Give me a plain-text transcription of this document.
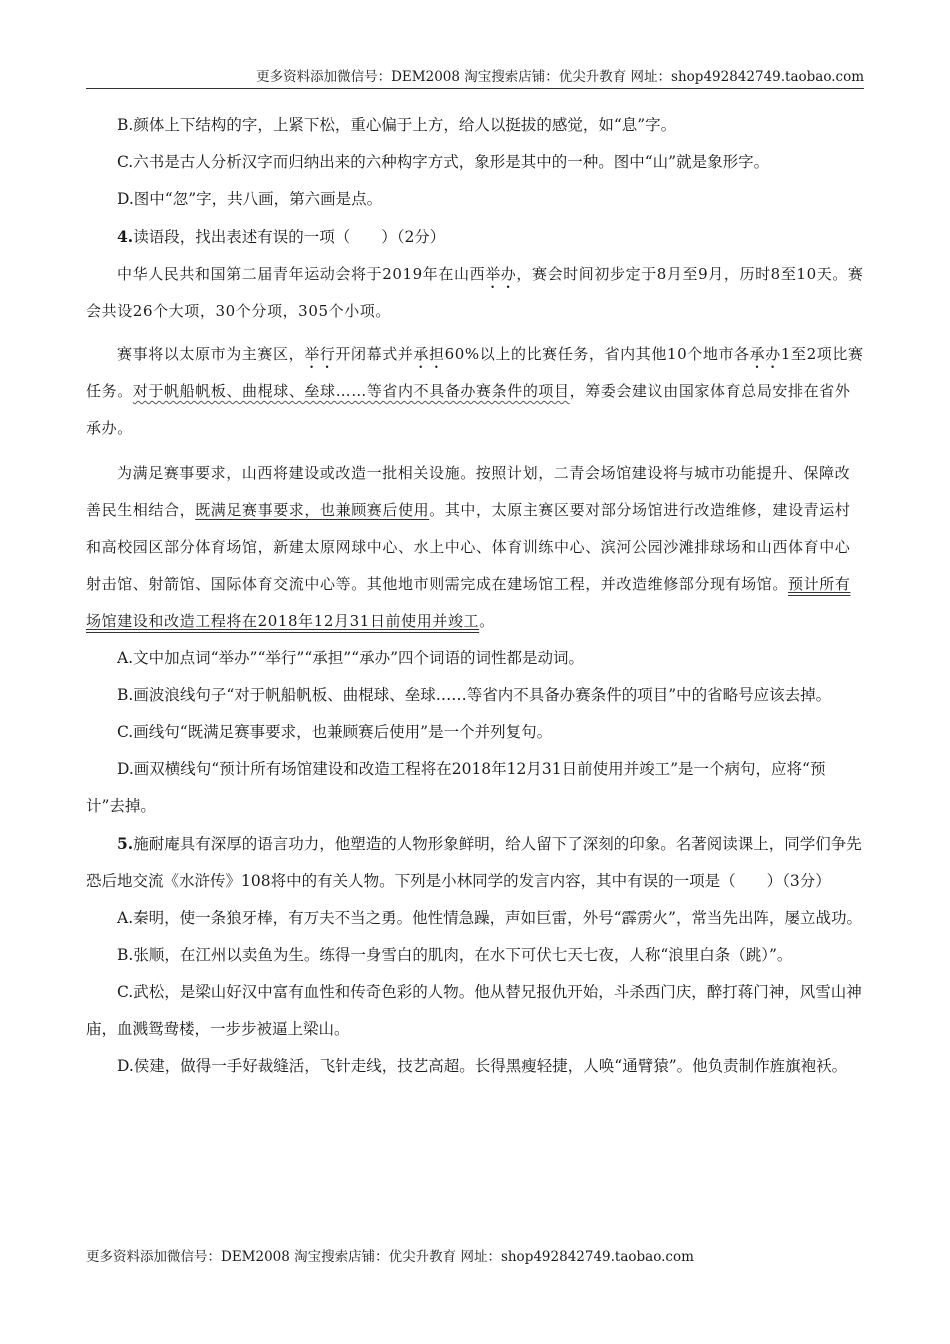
更多资料添加微信号：DEM2008 淘宝搜索店铺：优尖升教育 网址：shop492842749.taobao.com

B.颜体上下结构的字，上紧下松，重心偏于上方，给人以挺拔的感觉，如“息”字。

C.六书是古人分析汉字而归纳出来的六种构字方式，象形是其中的一种。图中“山”就是象形字。

D.图中“忽”字，共八画，第六画是点。

4.读语段，找出表述有误的一项（　　）（2分）

中华人民共和国第二届青年运动会将于2019年在山西举办，赛会时间初步定于8月至9月，历时8至10天。赛会共设26个大项，30个分项，305个小项。

赛事将以太原市为主赛区，举行开闭幕式并承担60%以上的比赛任务，省内其他10个地市各承办1至2项比赛任务。对于帆船帆板、曲棍球、垒球……等省内不具备办赛条件的项目，筹委会建议由国家体育总局安排在省外承办。

为满足赛事要求，山西将建设或改造一批相关设施。按照计划，二青会场馆建设将与城市功能提升、保障改善民生相结合，既满足赛事要求，也兼顾赛后使用。其中，太原主赛区要对部分场馆进行改造维修，建设青运村和高校园区部分体育场馆，新建太原网球中心、水上中心、体育训练中心、滨河公园沙滩排球场和山西体育中心射击馆、射箭馆、国际体育交流中心等。其他地市则需完成在建场馆工程，并改造维修部分现有场馆。预计所有场馆建设和改造工程将在2018年12月31日前使用并竣工。

A.文中加点词“举办”“举行”“承担”“承办”四个词语的词性都是动词。

B.画波浪线句子“对于帆船帆板、曲棍球、垒球……等省内不具备办赛条件的项目”中的省略号应该去掉。

C.画线句“既满足赛事要求，也兼顾赛后使用”是一个并列复句。

D.画双横线句“预计所有场馆建设和改造工程将在2018年12月31日前使用并竣工”是一个病句，应将“预计”去掉。

5.施耐庵具有深厚的语言功力，他塑造的人物形象鲜明，给人留下了深刻的印象。名著阅读课上，同学们争先恐后地交流《水浒传》108将中的有关人物。下列是小林同学的发言内容，其中有误的一项是（　　）（3分）

A.秦明，使一条狼牙棒，有万夫不当之勇。他性情急躁，声如巨雷，外号“霹雳火”，常当先出阵，屡立战功。

B.张顺，在江州以卖鱼为生。练得一身雪白的肌肉，在水下可伏七天七夜，人称“浪里白条（跳）”。

C.武松，是梁山好汉中富有血性和传奇色彩的人物。他从替兄报仇开始，斗杀西门庆，醉打蒋门神，风雪山神庙，血溅鸳鸯楼，一步步被逼上梁山。

D.侯建，做得一手好裁缝活，飞针走线，技艺高超。长得黑瘦轻捷，人唤“通臂猿”。他负责制作旌旗袍袄。

更多资料添加微信号：DEM2008 淘宝搜索店铺：优尖升教育 网址：shop492842749.taobao.com
